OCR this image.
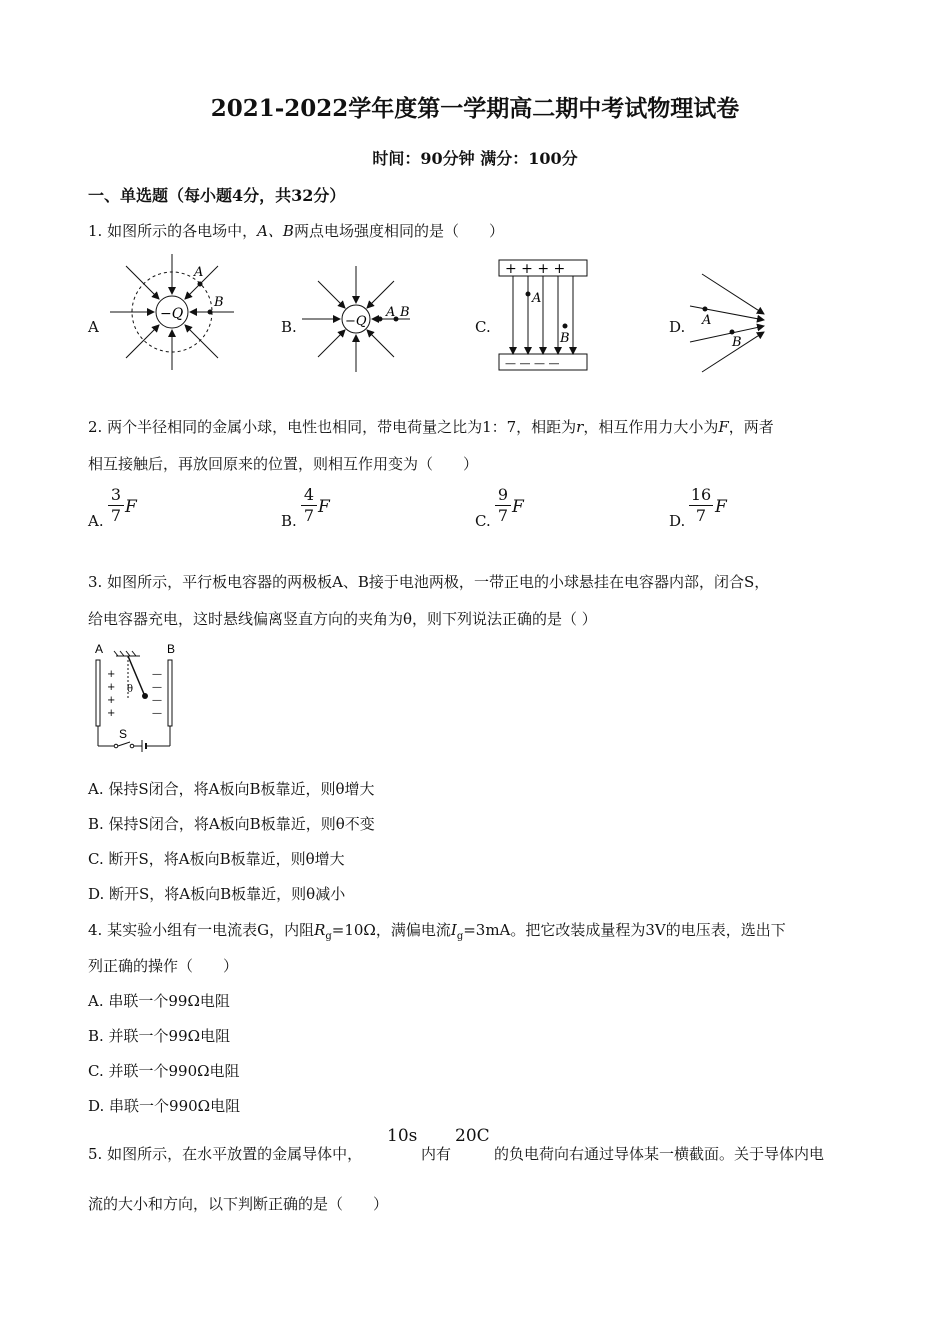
2021-2022学年度第一学期高二期中考试物理试卷
时间：90分钟 满分：100分
一、单选题（每小题4分，共32分）
1. 如图所示的各电场中，A、B两点电场强度相同的是（　　）
A
−Q
A
B
B.	−Q
A B
C.
+ + + +
— — — —
A
B
D. A
B
2. 两个半径相同的金属小球，电性也相同，带电荷量之比为1：7，相距为r，相互作用力大小为F，两者
相互接触后，再放回原来的位置，则相互作用变为（　　）
A.
3
7 F
B.
4
7 F
C.
9
7 F
D.
16
7 F
3. 如图所示，平行板电容器的两极板A、B接于电池两极，一带正电的小球悬挂在电容器内部，闭合S，
给电容器充电，这时悬线偏离竖直方向的夹角为θ，则下列说法正确的是（ ）
A	B
θ
+
+
+
+
—
—
—
—
S
A. 保持S闭合，将A板向B板靠近，则θ增大
B. 保持S闭合，将A板向B板靠近，则θ不变
C. 断开S，将A板向B板靠近，则θ增大
D. 断开S，将A板向B板靠近，则θ减小
4. 某实验小组有一电流表G，内阻$R_g=10\Omega$，满偏电流$I_g=3mA$。把它改装成量程为3V的电压表，选出下
列正确的操作（　　）
A. 串联一个99Ω电阻
B. 并联一个99Ω电阻
C. 并联一个990Ω电阻
D. 串联一个990Ω电阻
5. 如图所示，在水平放置的金属导体中，
10s
内有
20C
的负电荷向右通过导体某一横截面。关于导体内电
流的大小和方向，以下判断正确的是（　　）
